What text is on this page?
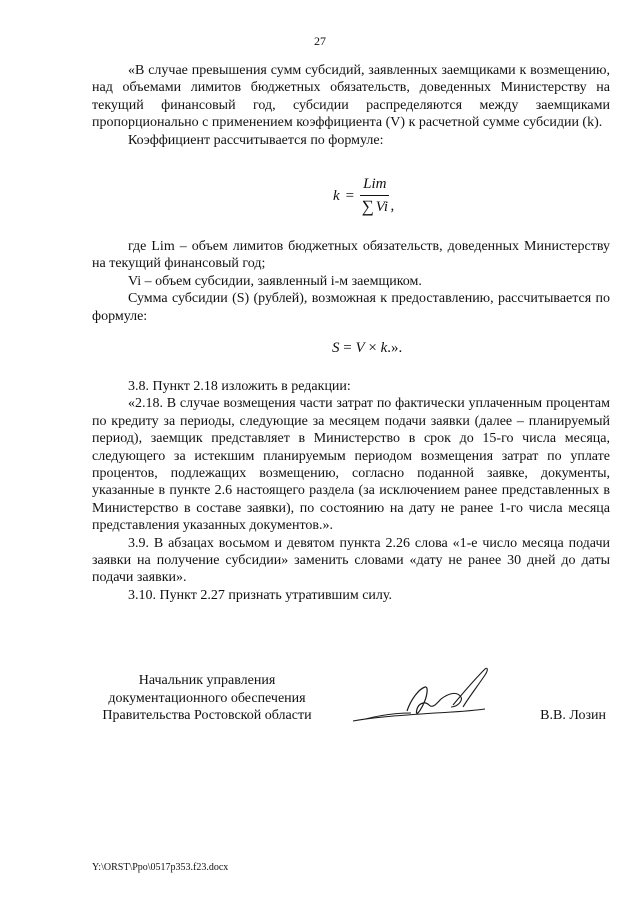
27

«В случае превышения сумм субсидий, заявленных заемщиками к возмещению, над объемами лимитов бюджетных обязательств, доведенных Министерству на текущий финансовый год, субсидии распределяются между заемщиками пропорционально с применением коэффициента (V) к расчетной сумме субсидии (k).

Коэффициент рассчитывается по формуле:

$k = \frac{\text{Lim}}{\sum Vi}$ ,

где Lim – объем лимитов бюджетных обязательств, доведенных Министерству на текущий финансовый год;

Vi – объем субсидии, заявленный i-м заемщиком.

Сумма субсидии (S) (рублей), возможная к предоставлению, рассчитывается по формуле:

S = V × k.».

3.8. Пункт 2.18 изложить в редакции:

«2.18. В случае возмещения части затрат по фактически уплаченным процентам по кредиту за периоды, следующие за месяцем подачи заявки (далее – планируемый период), заемщик представляет в Министерство в срок до 15-го числа месяца, следующего за истекшим планируемым периодом возмещения затрат по уплате процентов, подлежащих возмещению, согласно поданной заявке, документы, указанные в пункте 2.6 настоящего раздела (за исключением ранее представленных в Министерство в составе заявки), по состоянию на дату не ранее 1-го числа месяца представления указанных документов.».

3.9. В абзацах восьмом и девятом пункта 2.26 слова «1-е число месяца подачи заявки на получение субсидии» заменить словами «дату не ранее 30 дней до даты подачи заявки».

3.10. Пункт 2.27 признать утратившим силу.

Начальник управления
документационного обеспечения
Правительства Ростовской области	В.В. Лозин
Y:\ORST\Ppo\0517p353.f23.docx
